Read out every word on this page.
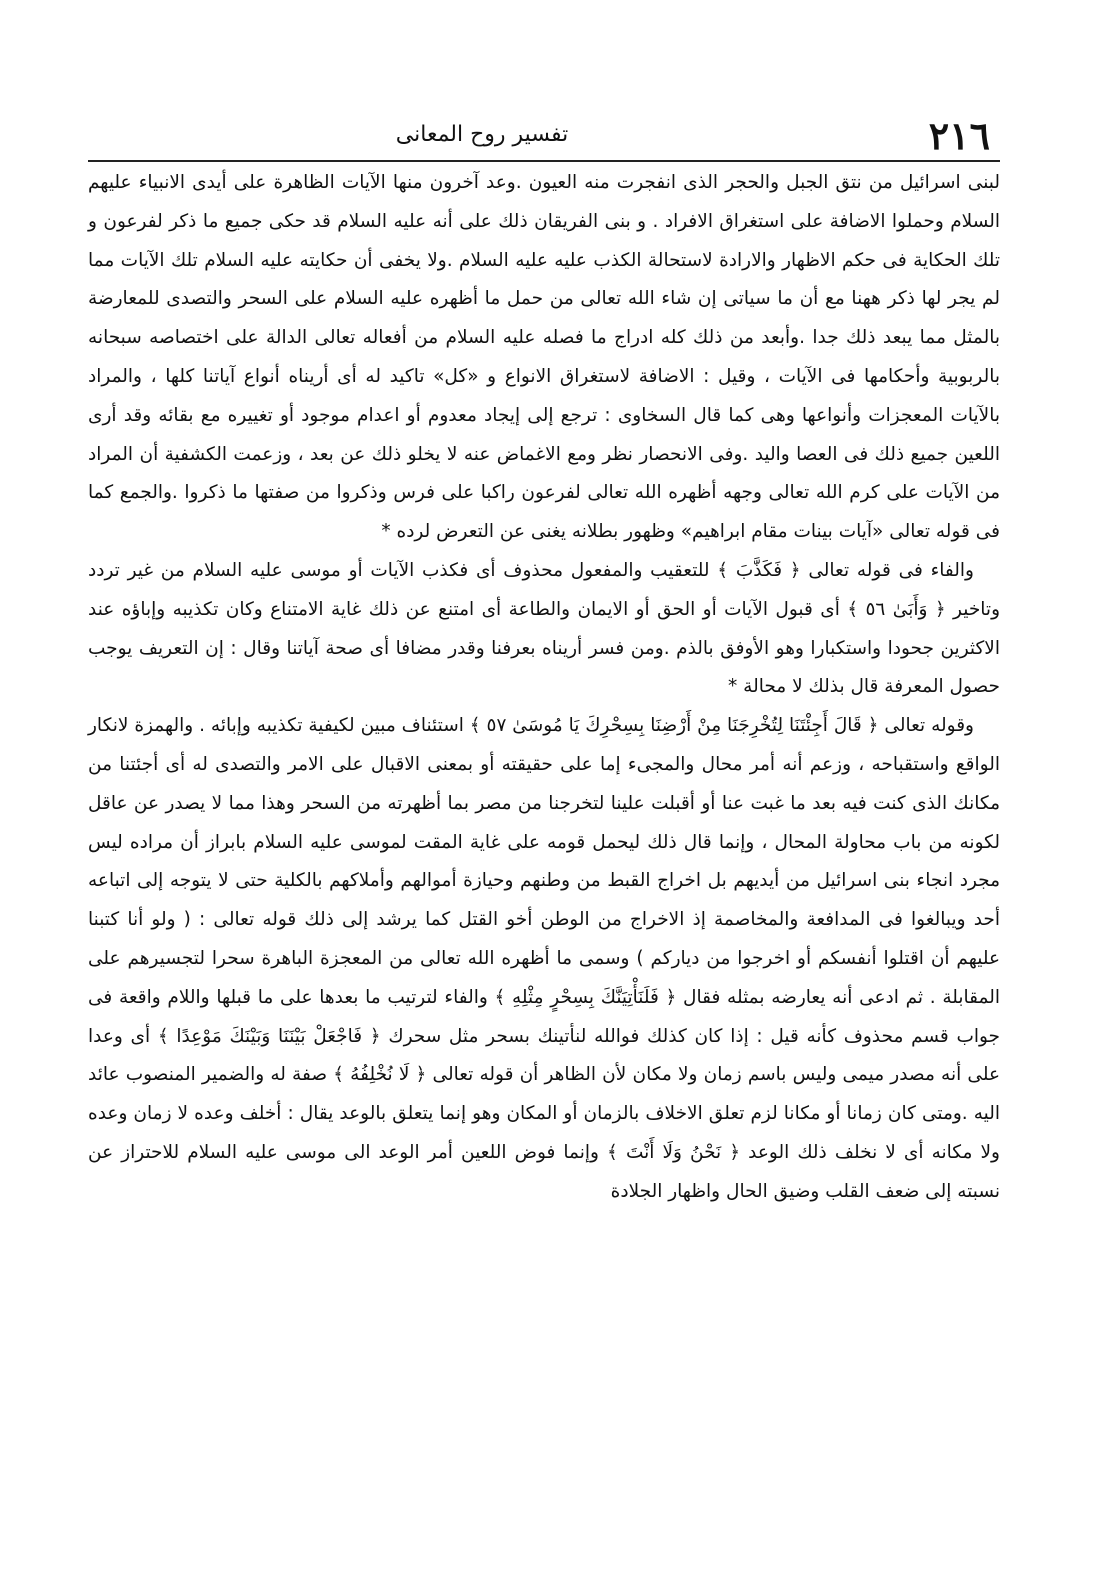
٢١٦
تفسير روح المعانى

لبنى اسرائيل من نتق الجبل والحجر الذى انفجرت منه العيون .وعد آخرون منها الآيات الظاهرة على أيدى الانبياء عليهم السلام وحملوا الاضافة على استغراق الافراد . و بنى الفريقان ذلك على أنه عليه السلام قد حكى جميع ما ذكر لفرعون و تلك الحكاية فى حكم الاظهار والارادة لاستحالة الكذب عليه عليه السلام .ولا يخفى أن حكايته عليه السلام تلك الآيات مما لم يجر لها ذكر ههنا مع أن ما سياتى إن شاء الله تعالى من حمل ما أظهره عليه السلام على السحر والتصدى للمعارضة بالمثل مما يبعد ذلك جدا .وأبعد من ذلك كله ادراج ما فصله عليه السلام من أفعاله تعالى الدالة على اختصاصه سبحانه بالربوبية وأحكامها فى الآيات ، وقيل : الاضافة لاستغراق الانواع و «كل» تاكيد له أى أريناه أنواع آياتنا كلها ، والمراد بالآيات المعجزات وأنواعها وهى كما قال السخاوى : ترجع إلى إيجاد معدوم أو اعدام موجود أو تغييره مع بقائه وقد أرى اللعين جميع ذلك فى العصا واليد .وفى الانحصار نظر ومع الاغماض عنه لا يخلو ذلك عن بعد ، وزعمت الكشفية أن المراد من الآيات على كرم الله تعالى وجهه أظهره الله تعالى لفرعون راكبا على فرس وذكروا من صفتها ما ذكروا .والجمع كما فى قوله تعالى «آيات بينات مقام ابراهيم» وظهور بطلانه يغنى عن التعرض لرده *

والفاء فى قوله تعالى ﴿ فَكَذَّبَ ﴾ للتعقيب والمفعول محذوف أى فكذب الآيات أو موسى عليه السلام من غير تردد وتاخير ﴿ وَأَبَىٰ ٥٦ ﴾ أى قبول الآيات أو الحق أو الايمان والطاعة أى امتنع عن ذلك غاية الامتناع وكان تكذيبه وإباؤه عند الاكثرين جحودا واستكبارا وهو الأوفق بالذم .ومن فسر أريناه بعرفنا وقدر مضافا أى صحة آياتنا وقال : إن التعريف يوجب حصول المعرفة قال بذلك لا محالة *

وقوله تعالى ﴿ قَالَ أَجِئْتَنَا لِتُخْرِجَنَا مِنْ أَرْضِنَا بِسِحْرِكَ يَا مُوسَىٰ ٥٧ ﴾ استئناف مبين لكيفية تكذيبه وإبائه . والهمزة لانكار الواقع واستقباحه ، وزعم أنه أمر محال والمجىء إما على حقيقته أو بمعنى الاقبال على الامر والتصدى له أى أجئتنا من مكانك الذى كنت فيه بعد ما غبت عنا أو أقبلت علينا لتخرجنا من مصر بما أظهرته من السحر وهذا مما لا يصدر عن عاقل لكونه من باب محاولة المحال ، وإنما قال ذلك ليحمل قومه على غاية المقت لموسى عليه السلام بابراز أن مراده ليس مجرد انجاء بنى اسرائيل من أيديهم بل اخراج القبط من وطنهم وحيازة أموالهم وأملاكهم بالكلية حتى لا يتوجه إلى اتباعه أحد ويبالغوا فى المدافعة والمخاصمة إذ الاخراج من الوطن أخو القتل كما يرشد إلى ذلك قوله تعالى : ( ولو أنا كتبنا عليهم أن اقتلوا أنفسكم أو اخرجوا من دياركم ) وسمى ما أظهره الله تعالى من المعجزة الباهرة سحرا لتجسيرهم على المقابلة . ثم ادعى أنه يعارضه بمثله فقال ﴿ فَلَنَأْتِيَنَّكَ بِسِحْرٍ مِثْلِهِ ﴾ والفاء لترتيب ما بعدها على ما قبلها واللام واقعة فى جواب قسم محذوف كأنه قيل : إذا كان كذلك فوالله لنأتينك بسحر مثل سحرك ﴿ فَاجْعَلْ بَيْنَنَا وَبَيْنَكَ مَوْعِدًا ﴾ أى وعدا على أنه مصدر ميمى وليس باسم زمان ولا مكان لأن الظاهر أن قوله تعالى ﴿ لَا نُخْلِفُهُ ﴾ صفة له والضمير المنصوب عائد اليه .ومتى كان زمانا أو مكانا لزم تعلق الاخلاف بالزمان أو المكان وهو إنما يتعلق بالوعد يقال : أخلف وعده لا زمان وعده ولا مكانه أى لا نخلف ذلك الوعد ﴿ نَحْنُ وَلَا أَنْتَ ﴾ وإنما فوض اللعين أمر الوعد الى موسى عليه السلام للاحتراز عن نسبته إلى ضعف القلب وضيق الحال واظهار الجلادة
